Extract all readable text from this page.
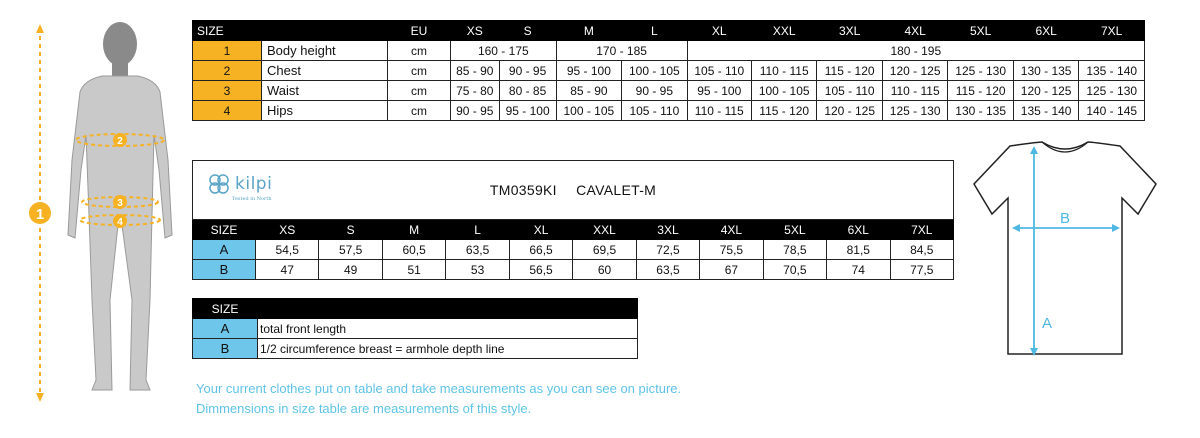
1
2
3
4
SIZE		EU	XS	S	M	L	XL	XXL	3XL	4XL	5XL	6XL	7XL
1	Body height	cm	160 - 175		170 - 185		180 - 195						
2	Chest	cm	85 - 90	90 - 95	95 - 100	100 - 105	105 - 110	110 - 115	115 - 120	120 - 125	125 - 130	130 - 135	135 - 140
3	Waist	cm	75 - 80	80 - 85	85 - 90	90 - 95	95 - 100	100 - 105	105 - 110	110 - 115	115 - 120	120 - 125	125 - 130
4	Hips	cm	90 - 95	95 - 100	100 - 105	105 - 110	110 - 115	115 - 120	120 - 125	125 - 130	130 - 135	135 - 140	140 - 145
kilpi
Tested in North
TM0359KI CAVALET-M											
SIZE	XS	S	M	L	XL	XXL	3XL	4XL	5XL	6XL	7XL
A	54,5	57,5	60,5	63,5	66,5	69,5	72,5	75,5	78,5	81,5	84,5
B	47	49	51	53	56,5	60	63,5	67	70,5	74	77,5
SIZE	
A	total front length
B	1/2 circumference breast = armhole depth line
Your current clothes put on table and take measurements as you can see on picture.
Dimmensions in size table are measurements of this style.
A
B
